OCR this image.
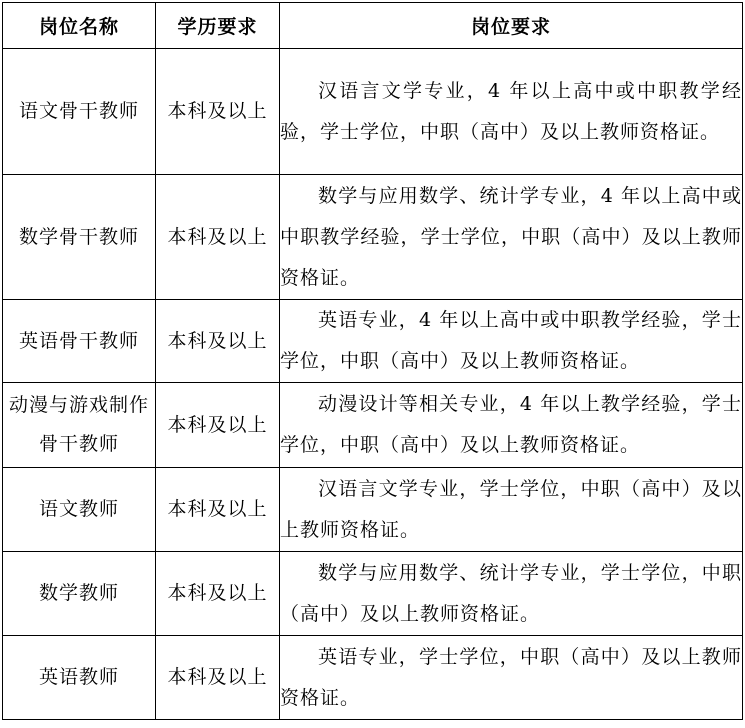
岗位名称	学历要求	岗位要求
语文骨干教师	本科及以上	汉语言文学专业，4 年以上高中或中职教学经验，学士学位，中职（高中）及以上教师资格证。

数学骨干教师	本科及以上	数学与应用数学、统计学专业，4 年以上高中或中职教学经验，学士学位，中职（高中）及以上教师资格证。

英语骨干教师	本科及以上	英语专业，4 年以上高中或中职教学经验，学士学位，中职（高中）及以上教师资格证。

动漫与游戏制作骨干教师	本科及以上	动漫设计等相关专业，4 年以上教学经验，学士学位，中职（高中）及以上教师资格证。

语文教师	本科及以上	汉语言文学专业，学士学位，中职（高中）及以上教师资格证。

数学教师	本科及以上	数学与应用数学、统计学专业，学士学位，中职（高中）及以上教师资格证。

英语教师	本科及以上	英语专业，学士学位，中职（高中）及以上教师资格证。
